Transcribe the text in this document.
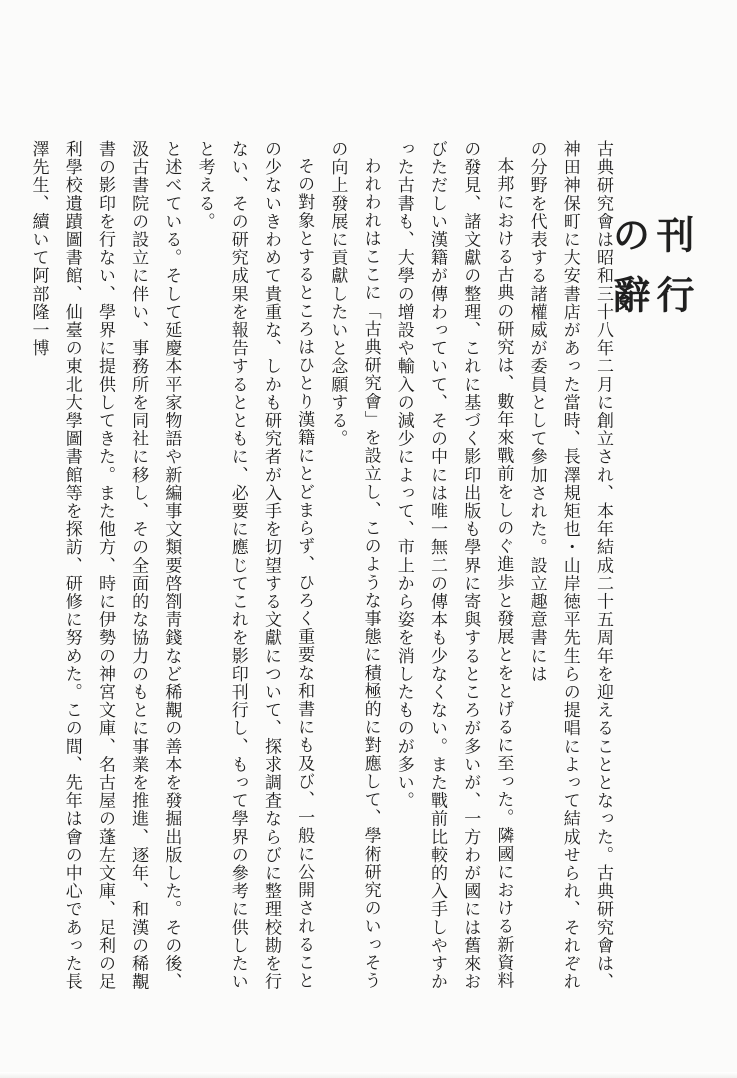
刊行の辭

古典研究會は昭和三十八年二月に創立され、本年結成二十五周年を迎えることとなった。古典研究會は、神田神保町に大安書店があった當時、長澤規矩也・山岸徳平先生らの提唱によって結成せられ、それぞれの分野を代表する諸權威が委員として參加された。設立趣意書には

本邦における古典の研究は、數年來戰前をしのぐ進歩と發展とをとげるに至った。隣國における新資料の發見、諸文獻の整理、これに基づく影印出版も學界に寄與するところが多いが、一方わが國には舊來おびただしい漢籍が傳わっていて、その中には唯一無二の傳本も少なくない。また戰前比較的入手しやすかった古書も、大學の增設や輸入の減少によって、市上から姿を消したものが多い。

われわれはここに「古典研究會」を設立し、このような事態に積極的に對應して、學術研究のいっそうの向上發展に貢獻したいと念願する。

その對象とするところはひとり漢籍にとどまらず、ひろく重要な和書にも及び、一般に公開されることの少ないきわめて貴重な、しかも研究者が入手を切望する文獻について、探求調査ならびに整理校勘を行ない、その研究成果を報告するとともに、必要に應じてこれを影印刊行し、もって學界の參考に供したいと考える。

と述べている。そして延慶本平家物語や新編事文類要啓劄靑錢など稀覯の善本を發掘出版した。その後、汲古書院の設立に伴い、事務所を同社に移し、その全面的な協力のもとに事業を推進、逐年、和漢の稀覯書の影印を行ない、學界に提供してきた。また他方、時に伊勢の神宮文庫、名古屋の蓬左文庫、足利の足利學校遺蹟圖書館、仙臺の東北大學圖書館等を探訪、研修に努めた。この間、先年は會の中心であった長澤先生、續いて阿部隆一博
